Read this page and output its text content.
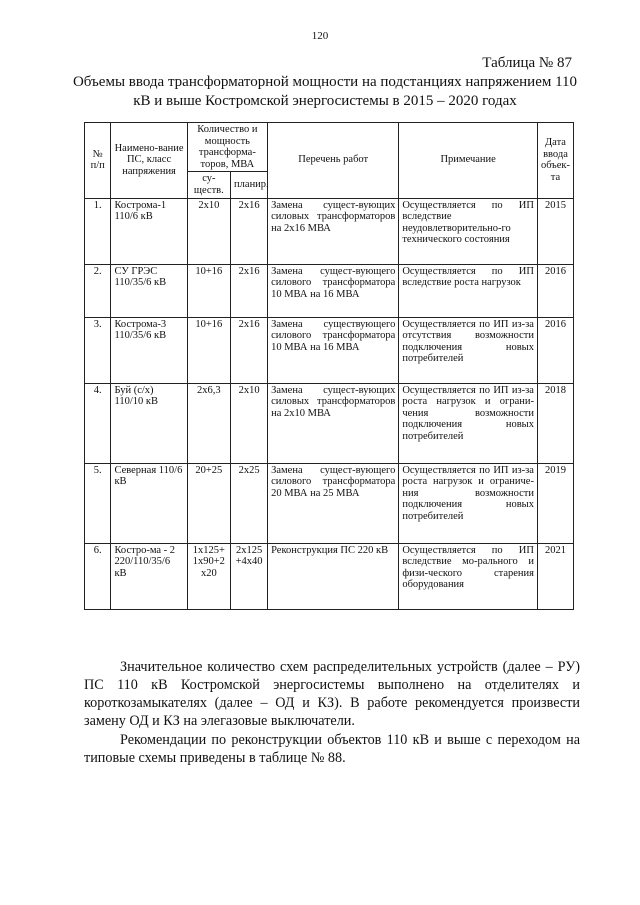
120
Таблица № 87
Объемы ввода трансформаторной мощности на подстанциях напряжением 110 кВ и выше Костромской энергосистемы в 2015 – 2020 годах
№ п/п	Наимено-вание ПС, класс напряжения	Количество и мощность трансформа-торов, МВА		Перечень работ	Примечание	Дата ввода объек-та
		су-ществ.	планир.			
1.	Кострома-1 110/6 кВ	2х10	2х16	Замена сущест-вующих силовых трансформаторов на 2х16 МВА	Осуществляется по ИП вследствие неудовлетворительно-го технического состояния	2015
2.	СУ ГРЭС 110/35/6 кВ	10+16	2х16	Замена сущест-вующего силового трансформатора 10 МВА на 16 МВА	Осуществляется по ИП вследствие роста нагрузок	2016
3.	Кострома-3 110/35/6 кВ	10+16	2х16	Замена существующего силового трансформатора 10 МВА на 16 МВА	Осуществляется по ИП из-за отсутствия возможности подключения новых потребителей	2016
4.	Буй (с/х) 110/10 кВ	2х6,3	2х10	Замена сущест-вующих силовых трансформаторов на 2х10 МВА	Осуществляется по ИП из-за роста нагрузок и ограни-чения возможности подключения новых потребителей	2018
5.	Северная 110/6 кВ	20+25	2х25	Замена сущест-вующего силового трансформатора 20 МВА на 25 МВА	Осуществляется по ИП из-за роста нагрузок и ограниче-ния возможности подключения новых потребителей	2019
6.	Костро-ма - 2 220/110/35/6 кВ	1х125+ 1х90+2 х20	2х125 +4х40	Реконструкция ПС 220 кВ	Осуществляется по ИП вследствие мо-рального и физи-ческого старения оборудования	2021
Значительное количество схем распределительных устройств (далее – РУ) ПС 110 кВ Костромской энергосистемы выполнено на отделителях и короткозамыкателях (далее – ОД и КЗ). В работе рекомендуется произвести замену ОД и КЗ на элегазовые выключатели.
Рекомендации по реконструкции объектов 110 кВ и выше с переходом на типовые схемы приведены в таблице № 88.
